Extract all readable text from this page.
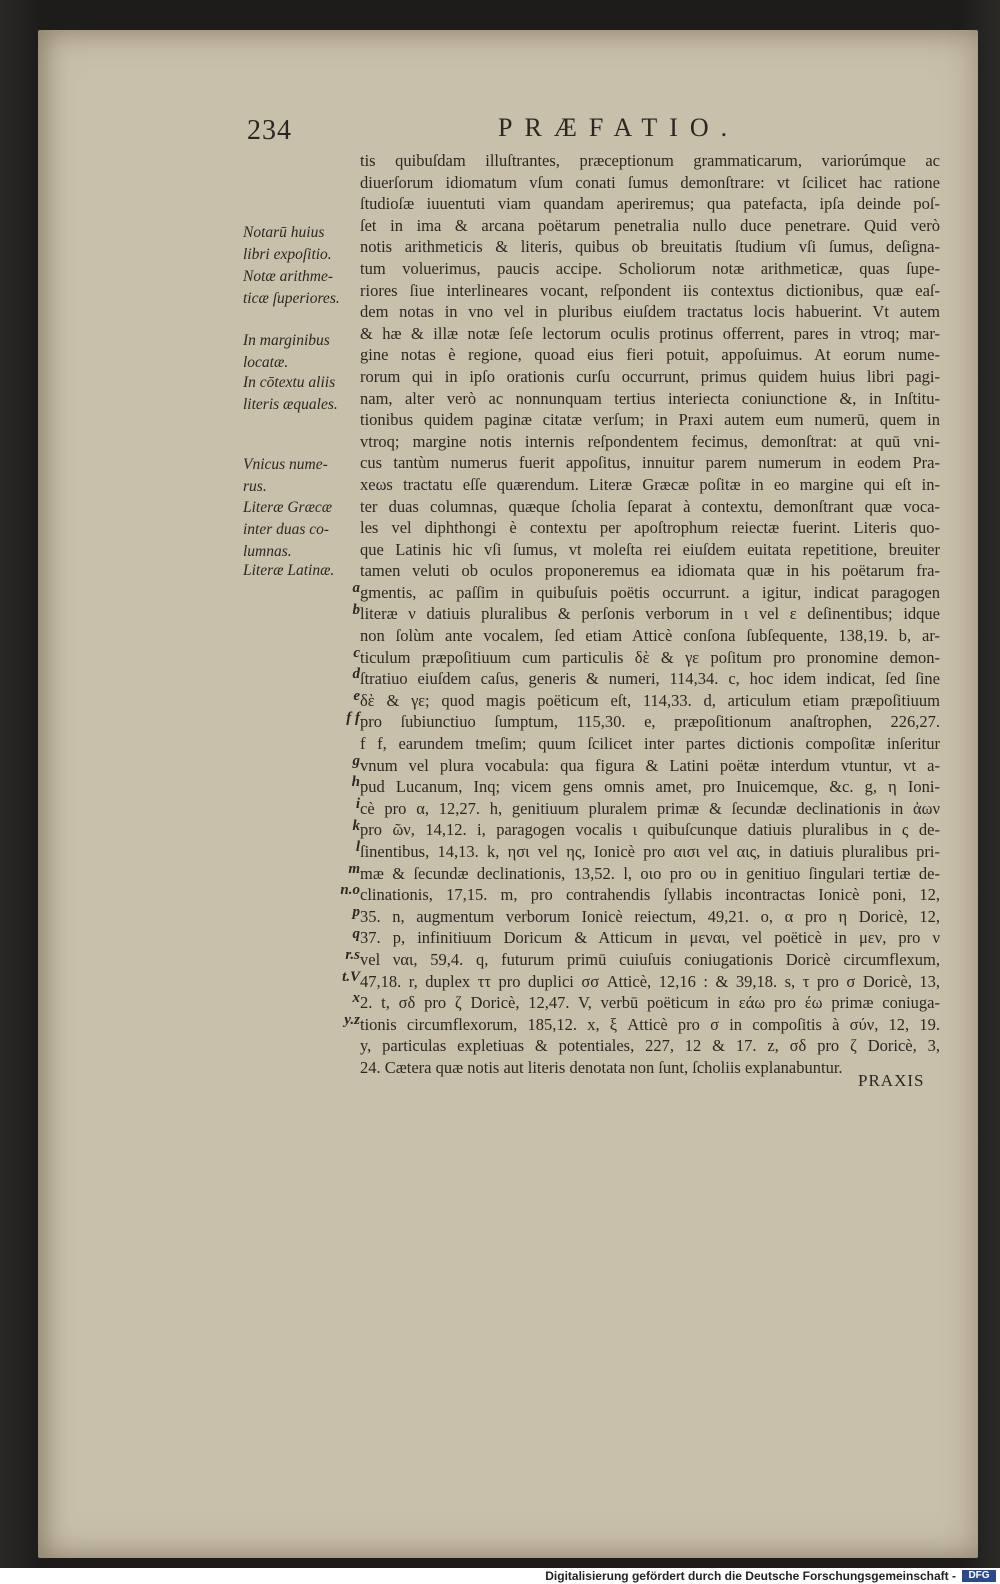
234	PRÆFATIO.
Notarū huius
libri expoſitio.
Notæ arithme-
ticæ ſuperiores.
In marginibus
locatæ.
In cōtextu aliis
literis æquales.
Vnicus nume-
rus.
Literæ Græcæ
inter duas co-
lumnas.
Literæ Latinæ.
a
b
c
d
e
f f
g
h
i
k
l
m
n.o
p
q
r.s
t.V
x
y.z
tis quibuſdam illuſtrantes, præceptionum grammaticarum, variorúmque ac
diuerſorum idiomatum vſum conati ſumus demonſtrare: vt ſcilicet hac ratione
ſtudioſæ iuuentuti viam quandam aperiremus; qua patefacta, ipſa deinde poſ-
ſet in ima & arcana poëtarum penetralia nullo duce penetrare. Quid verò
notis arithmeticis & literis, quibus ob breuitatis ſtudium vſi ſumus, deſigna-
tum voluerimus, paucis accipe. Scholiorum notæ arithmeticæ, quas ſupe-
riores ſiue interlineares vocant, reſpondent iis contextus dictionibus, quæ eaſ-
dem notas in vno vel in pluribus eiuſdem tractatus locis habuerint. Vt autem
& hæ & illæ notæ ſeſe lectorum oculis protinus offerrent, pares in vtroq; mar-
gine notas è regione, quoad eius fieri potuit, appoſuimus. At eorum nume-
rorum qui in ipſo orationis curſu occurrunt, primus quidem huius libri pagi-
nam, alter verò ac nonnunquam tertius interiecta coniunctione &, in Inſtitu-
tionibus quidem paginæ citatæ verſum; in Praxi autem eum numerū, quem in
vtroq; margine notis internis reſpondentem fecimus, demonſtrat: at quū vni-
cus tantùm numerus fuerit appoſitus, innuitur parem numerum in eodem Pra-
xeωs tractatu eſſe quærendum. Literæ Græcæ poſitæ in eo margine qui eſt in-
ter duas columnas, quæque ſcholia ſeparat à contextu, demonſtrant quæ voca-
les vel diphthongi è contextu per apoſtrophum reiectæ fuerint. Literis quo-
que Latinis hic vſi ſumus, vt moleſta rei eiuſdem euitata repetitione, breuiter
tamen veluti ob oculos proponeremus ea idiomata quæ in his poëtarum fra-
gmentis, ac paſſim in quibuſuis poëtis occurrunt. a igitur, indicat paragogen
literæ ν datiuis pluralibus & perſonis verborum in ι vel ε deſinentibus; idque
non ſolùm ante vocalem, ſed etiam Atticè conſona ſubſequente, 138,19. b, ar-
ticulum præpoſitiuum cum particulis δὲ & γε poſitum pro pronomine demon-
ſtratiuo eiuſdem caſus, generis & numeri, 114,34. c, hoc idem indicat, ſed ſine
δὲ & γε; quod magis poëticum eſt, 114,33. d, articulum etiam præpoſitiuum
pro ſubiunctiuo ſumptum, 115,30. e, præpoſitionum anaſtrophen, 226,27.
f f, earundem tmeſim; quum ſcilicet inter partes dictionis compoſitæ inſeritur
vnum vel plura vocabula: qua figura & Latini poëtæ interdum vtuntur, vt a-
pud Lucanum, Inq; vicem gens omnis amet, pro Inuicemque, &c. g, η Ioni-
cè pro α, 12,27. h, genitiuum pluralem primæ & ſecundæ declinationis in ἀων
pro ῶν, 14,12. i, paragogen vocalis ι quibuſcunque datiuis pluralibus in ς de-
ſinentibus, 14,13. k, ησι vel ης, Ionicè pro αισι vel αις, in datiuis pluralibus pri-
mæ & ſecundæ declinationis, 13,52. l, οιο pro ου in genitiuo ſingulari tertiæ de-
clinationis, 17,15. m, pro contrahendis ſyllabis incontractas Ionicè poni, 12,
35. n, augmentum verborum Ionicè reiectum, 49,21. o, α pro η Doricè, 12,
37. p, infinitiuum Doricum & Atticum in μεναι, vel poëticè in μεν, pro ν
vel ναι, 59,4. q, futurum primū cuiuſuis coniugationis Doricè circumflexum,
47,18. r, duplex ττ pro duplici σσ Atticè, 12,16 : & 39,18. s, τ pro σ Doricè, 13,
2. t, σδ pro ζ Doricè, 12,47. V, verbū poëticum in εάω pro έω primæ coniuga-
tionis circumflexorum, 185,12. x, ξ Atticè pro σ in compoſitis à σύν, 12, 19.
y, particulas expletiuas & potentiales, 227, 12 & 17. z, σδ pro ζ Doricè, 3,
24. Cætera quæ notis aut literis denotata non ſunt, ſcholiis explanabuntur.
PRAXIS
Digitalisierung gefördert durch die Deutsche Forschungsgemeinschaft -	DFG
